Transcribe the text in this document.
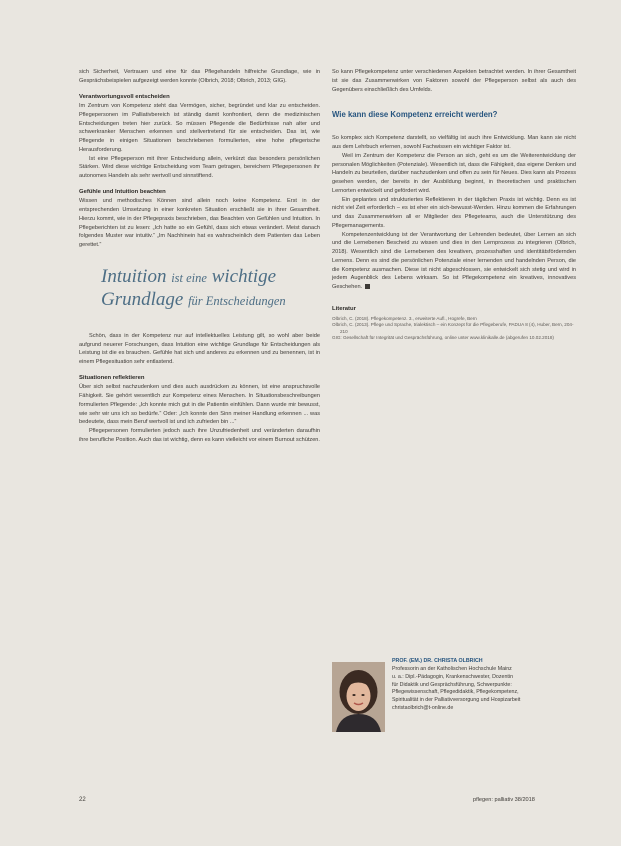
sich Sicherheit, Vertrauen und eine für das Pflegehandeln hilfreiche Grundlage, wie in Gesprächsbeispielen aufgezeigt werden konnte (Olbrich, 2018; Olbrich, 2013; GIG).

Verantwortungsvoll entscheiden

Im Zentrum von Kompetenz steht das Vermögen, sicher, begründet und klar zu entscheiden. Pflegepersonen im Palliativbereich ist ständig damit konfrontiert, denn die medizinischen Entscheidungen treten hier zurück. So müssen Pflegende die Bedürfnisse nah alter und schwerkranker Menschen erkennen und stellvertretend für sie entscheiden. Das ist, wie Pflegende in einigen Situationen beschriebenen formulierten, eine hohe pflegerische Herausforderung.

Ist eine Pflegeperson mit ihrer Entscheidung allein, verkürzt das besonders persönlichen Stärken. Wird diese wichtige Entscheidung vom Team getragen, bereichern Pflegepersonen ihr autonomes Handeln als sehr wertvoll und sinnstiftend.

Gefühle und Intuition beachten

Wissen und methodisches Können sind allein noch keine Kompetenz. Erst in der entsprechenden Umsetzung in einer konkreten Situation erschließt sie in ihrer Gesamtheit. Hierzu kommt, wie in der Pflegepraxis beschrieben, das Beachten von Gefühlen und Intuition. In Pflegeberichten ist zu lesen: „Ich hatte so ein Gefühl, dass sich etwas verändert. Meist danach folgendes Muster war intuitiv.“ „Im Nachhinein hat es wahrscheinlich dem Patienten das Leben gerettet.“

Intuition ist eine wichtige
Grundlage für Entscheidungen

Schön, dass in der Kompetenz nur auf intellektuelles Leistung gilt, so wohl aber beide aufgrund neuerer Forschungen, dass Intuition eine wichtige Grundlage für Entscheidungen als Leistung ist die es brauchen. Gefühle hat sich und anderes zu erkennen und zu benennen, ist in einem Pflegesituation sehr entlastend.

Situationen reflektieren

Über sich selbst nachzudenken und dies auch ausdrücken zu können, ist eine anspruchsvolle Fähigkeit. Sie gehört wesentlich zur Kompetenz eines Menschen. In Situationsbeschreibungen formulierten Pflegende: „Ich konnte mich gut in die Patientin einfühlen. Dann wurde mir bewusst, wie sehr wir uns ich so bedürfe.“ Oder: „Ich konnte den Sinn meiner Handlung erkennen ... was bedeutete, dass mein Beruf wertvoll ist und ich zufrieden bin ...“

Pflegepersonen formulierten jedoch auch ihre Unzufriedenheit und veränderten daraufhin ihre berufliche Position. Auch das ist wichtig, denn es kann vielleicht vor einem Burnout schützen.

So kann Pflegekompetenz unter verschiedenen Aspekten betrachtet werden. In ihrer Gesamtheit ist sie das Zusammenwirken von Faktoren sowohl der Pflegeperson selbst als auch des Gegenübers einschließlich des Umfelds.

Wie kann diese Kompetenz erreicht werden?

So komplex sich Kompetenz darstellt, so vielfältig ist auch ihre Entwicklung. Man kann sie nicht aus dem Lehrbuch erlernen, sowohl Fachwissen ein wichtiger Faktor ist.

Weil im Zentrum der Kompetenz die Person an sich, geht es um die Weiterentwicklung der personalen Möglichkeiten (Potenziale). Wesentlich ist, dass die Fähigkeit, das eigene Denken und Handeln zu beurteilen, darüber nachzudenken und offen zu sein für Neues. Dies kann als Prozess gesehen werden, der bereits in der Ausbildung beginnt, in theoretischen und praktischen Lernorten entwickelt und gefördert wird.

Ein geplantes und strukturiertes Reflektieren in der täglichen Praxis ist wichtig. Denn es ist nicht viel Zeit erforderlich – es ist eher ein sich-bewusst-Werden. Hinzu kommen die Erfahrungen und das Zusammenwirken all er Mitglieder des Pflegeteams, auch die Unterstützung des Pflegemanagements.

Kompetenzentwicklung ist der Verantwortung der Lehrenden bedeutet, über Lernen an sich und die Lernebenen Bescheid zu wissen und dies in den Lernprozess zu integrieren (Olbrich, 2018). Wesentlich sind die Lernebenen des kreativen, prozesshaften und identitätsfördernden Lernens. Denn es sind die persönlichen Potenziale einer lernenden und handelnden Person, die die Kompetenz ausmachen. Diese ist nicht abgeschlossen, sie entwickelt sich stetig und wird in jedem Augenblick des Lebens wirksam. So ist Pflegekompetenz ein kreatives, innovatives Geschehen.

Literatur

Olbrich, C. (2018). Pflegekompetenz. 3., erweiterte Aufl., Hogrefe, Bern

Olbrich, C. (2013). Pflege und Sprache, trialektisch – ein Konzept für die Pflegeberufe, PADUA 8 (4), Huber, Bern, 204-210

GIG: Gesellschaft für Integrität und Gesprächsführung, online unter www.klinikalle.de (abgerufen 10.02.2018)

PROF. (EM.) DR. CHRISTA OLBRICH
Professorin an der Katholischen Hochschule Mainz
u. a.: Dipl.-Pädagogin, Krankenschwester, Dozentin
für Didaktik und Gesprächsführung, Schwerpunkte:
Pflegewissenschaft, Pflegedidaktik, Pflegekompetenz,
Spiritualität in der Palliativversorgung und Hospizarbeit
christaolbrich@t-online.de
22	pflegen: palliativ 38/2018
